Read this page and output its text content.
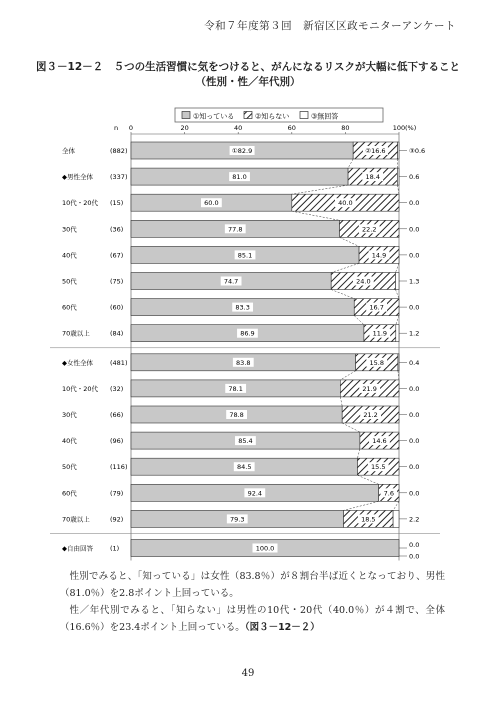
令和７年度第３回　新宿区区政モニターアンケート
図３－12－２　 ５つの生活習慣に気をつけると、がんになるリスクが大幅に低下すること
（性別・性／年代別）
①知っている	②知らない	③無回答
n 0	20	40	60	80	100 (%)
全体	(882)	①82.9	②16.6	③0.6
◆男性全体	(337)	81.0	18.4	0.6
10代・20代 (15)	60.0	40.0	0.0
30代	(36)	77.8	22.2	0.0
40代	(67)	85.1	14.9	0.0
50代	(75)	74.7	24.0	1.3
60代	(60)	83.3	16.7	0.0
70歳以上	(84)	86.9	11.9	1.2
◆女性全体	(481)	83.8	15.8	0.4
10代・20代 (32)	78.1	21.9	0.0
30代	(66)	78.8	21.2	0.0
40代	(96)	85.4	14.6	0.0
50代	(116)	84.5	15.5	0.0
60代	(79)	92.4	7.6 0.0
70歳以上	(92)	79.3	18.5	2.2
◆自由回答	(1)	100.0	0.0
0.0

性別でみると、「知っている」は女性（83.8％）が８割台半ば近くとなっており、男性（81.0％）を2.8ポイント上回っている。

性／年代別でみると、「知らない」は男性の10代・20代（40.0％）が４割で、全体（16.6％）を23.4ポイント上回っている。（図３－12－２）

49
